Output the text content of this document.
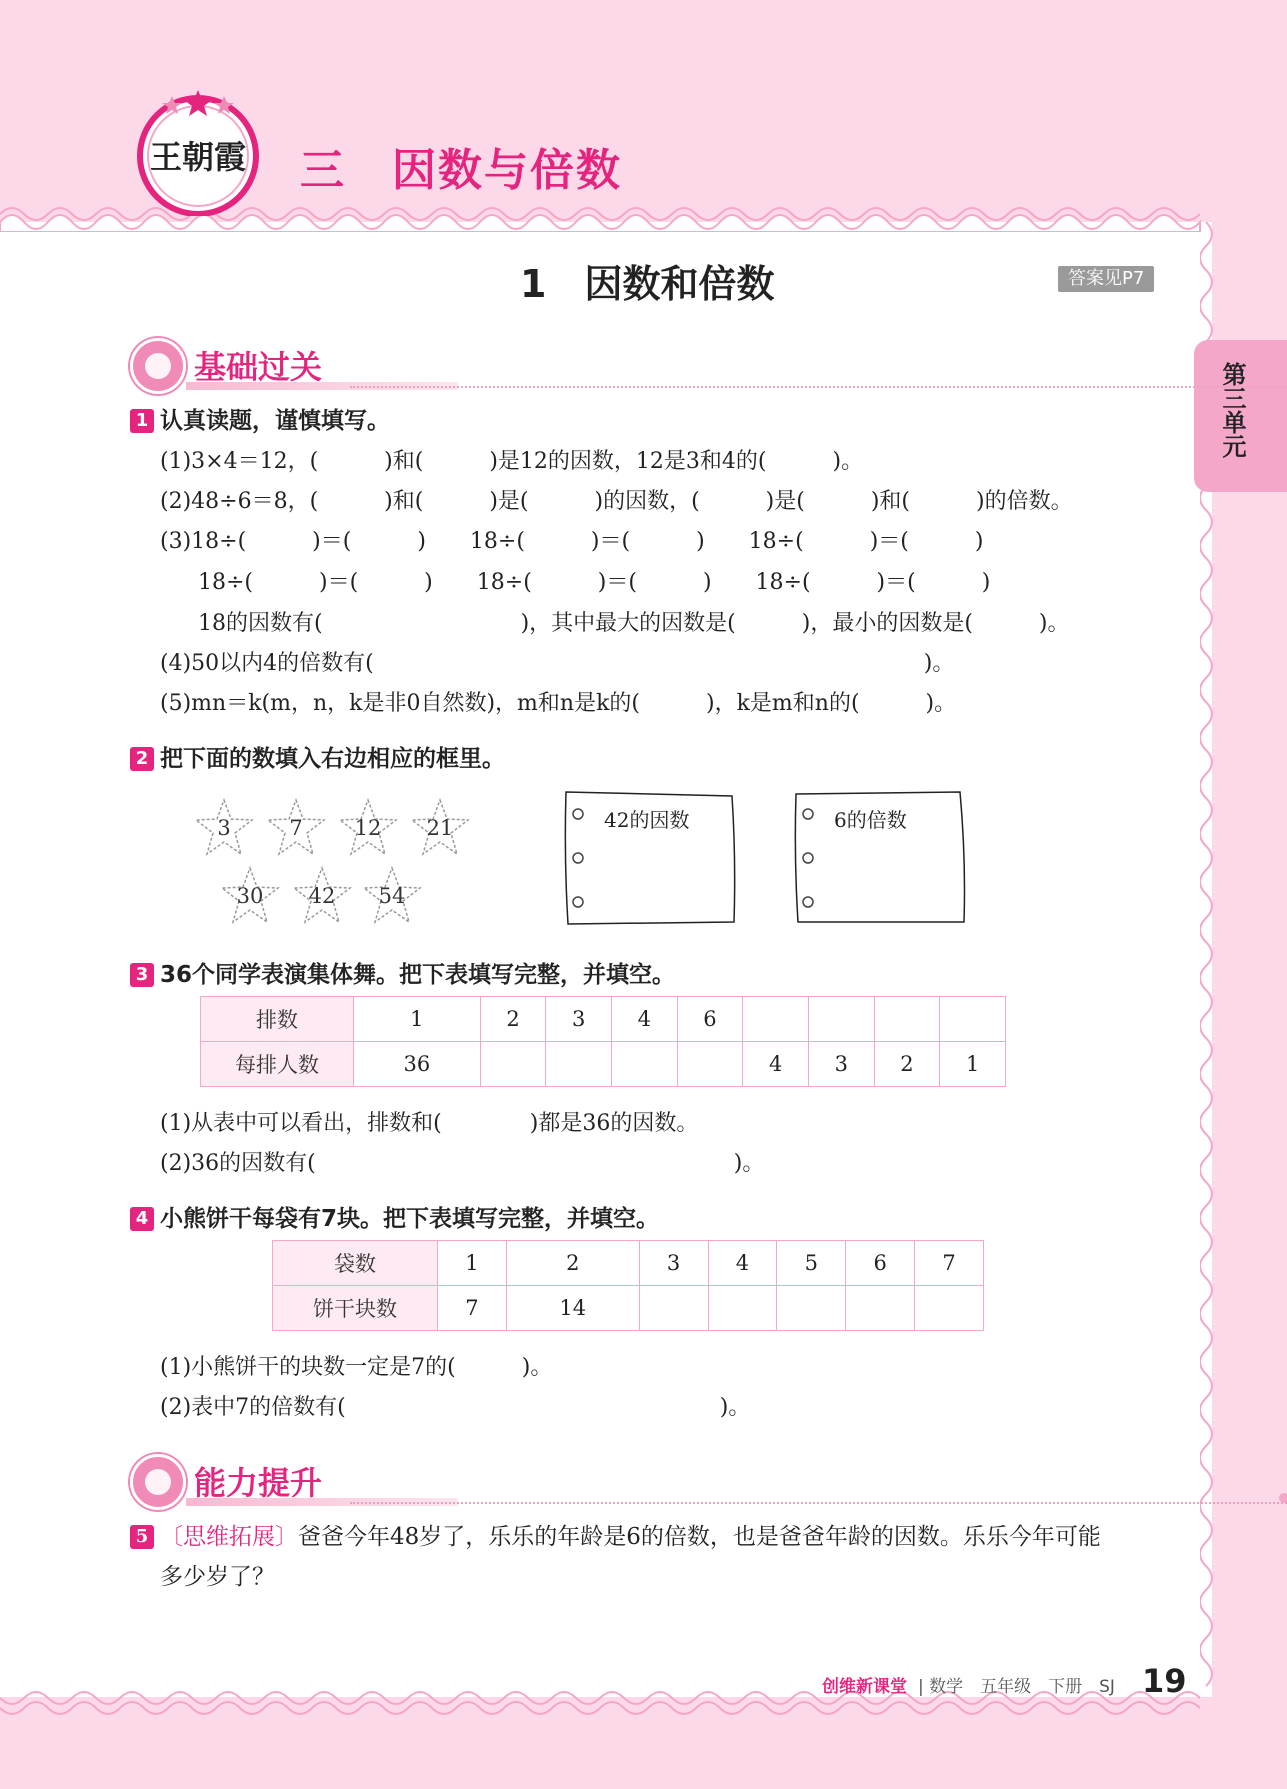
王朝霞 三　因数与倍数
1　因数和倍数	答案见P7
第三单元
基础过关
1 认真读题，谨慎填写。
(1)3×4＝12，(　　　)和(　　　)是12的因数，12是3和4的(　　　)。
(2)48÷6＝8，(　　　)和(　　　)是(　　　)的因数，(　　　)是(　　　)和(　　　)的倍数。
(3)18÷(　　　)＝(　　　)　　18÷(　　　)＝(　　　)　　18÷(　　　)＝(　　　)
18÷(　　　)＝(　　　)　　18÷(　　　)＝(　　　)　　18÷(　　　)＝(　　　)
18的因数有(　　　　　　　　　)，其中最大的因数是(　　　)，最小的因数是(　　　)。
(4)50以内4的倍数有(　　　　　　　　　　　　　　　　　　　　　　　　　)。
(5)mn＝k(m，n，k是非0自然数)，m和n是k的(　　　)，k是m和n的(　　　)。
2 把下面的数填入右边相应的框里。
3	7	12	21
30	42	54
42的因数	6的倍数
3 36个同学表演集体舞。把下表填写完整，并填空。
排数	1	2	3	4	6				
每排人数	36					4	3	2	1
(1)从表中可以看出，排数和(　　　　)都是36的因数。
(2)36的因数有(　　　　　　　　　　　　　　　　　　　)。
4 小熊饼干每袋有7块。把下表填写完整，并填空。
袋数	1	2	3	4	5	6	7
饼干块数	7	14					
(1)小熊饼干的块数一定是7的(　　　)。
(2)表中7的倍数有(　　　　　　　　　　　　　　　　　)。
能力提升
5 〔思维拓展〕爸爸今年48岁了，乐乐的年龄是6的倍数，也是爸爸年龄的因数。乐乐今年可能
多少岁了？
创维新课堂 | 数学　五年级　下册　SJ 19
